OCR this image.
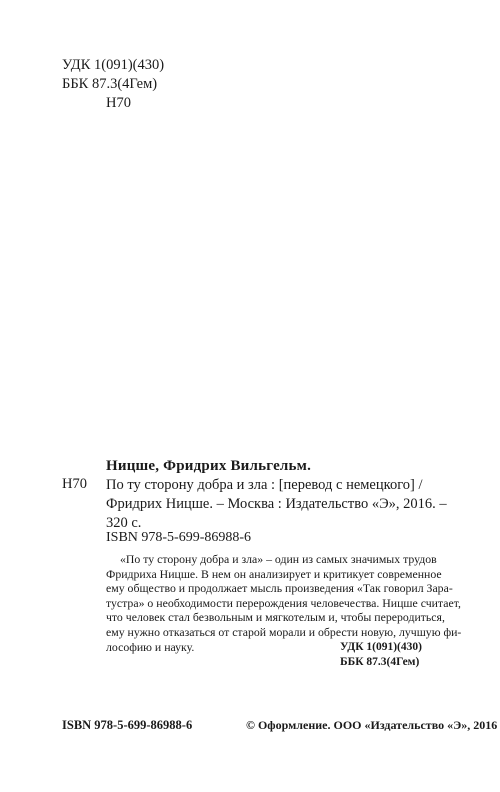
УДК 1(091)(430)
ББК 87.3(4Гем)
Н70
Ницше, Фридрих Вильгельм.
Н70 По ту сторону добра и зла : [перевод с немецкого] /
Фридрих Ницше. – Москва : Издательство «Э», 2016. –
320 с.
ISBN 978-5-699-86988-6
«По ту сторону добра и зла» – один из самых значимых трудов
Фридриха Ницше. В нем он анализирует и критикует современное
ему общество и продолжает мысль произведения «Так говорил Зара-
тустра» о необходимости перерождения человечества. Ницше считает,
что человек стал безвольным и мягкотелым и, чтобы переродиться,
ему нужно отказаться от старой морали и обрести новую, лучшую фи-
лософию и науку.	УДК 1(091)(430)
ББК 87.3(4Гем)
ISBN 978-5-699-86988-6	© Оформление. ООО «Издательство «Э», 2016
